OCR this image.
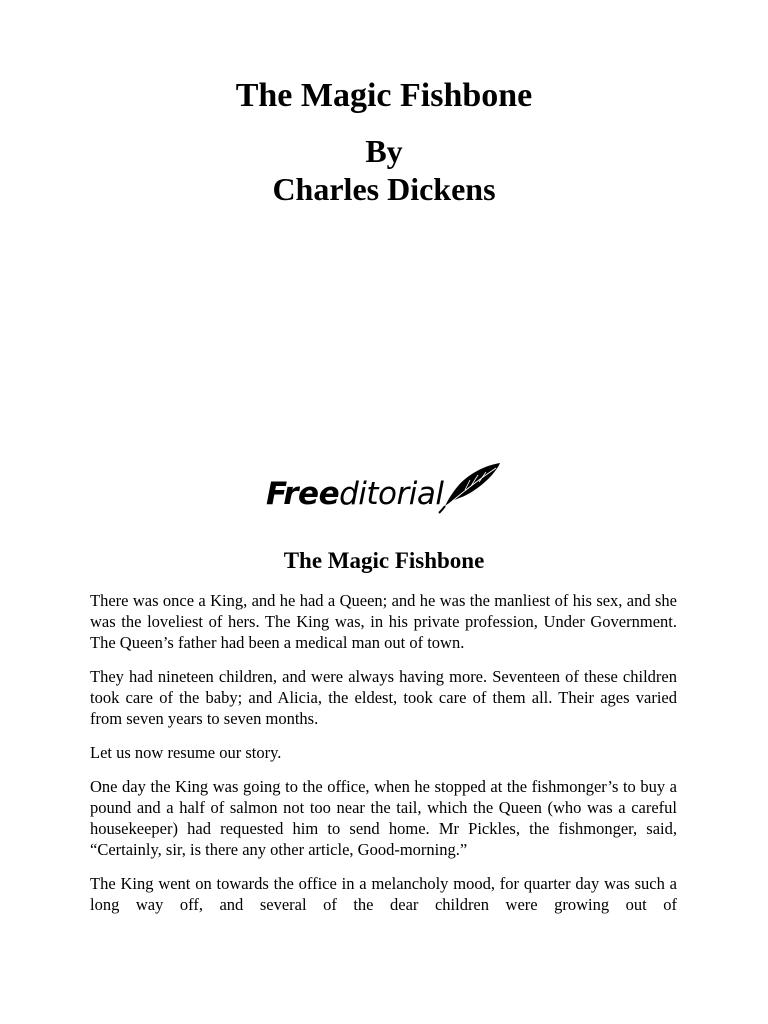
The Magic Fishbone
By
Charles Dickens
Freeditorial
The Magic Fishbone

There was once a King, and he had a Queen; and he was the manliest of his sex, and she was the loveliest of hers. The King was, in his private profession, Under Government. The Queen’s father had been a medical man out of town.

They had nineteen children, and were always having more. Seventeen of these children took care of the baby; and Alicia, the eldest, took care of them all. Their ages varied from seven years to seven months.

Let us now resume our story.

One day the King was going to the office, when he stopped at the fishmonger’s to buy a pound and a half of salmon not too near the tail, which the Queen (who was a careful housekeeper) had requested him to send home. Mr Pickles, the fishmonger, said, “Certainly, sir, is there any other article, Good-morning.”

The King went on towards the office in a melancholy mood, for quarter day was such a long way off, and several of the dear children were growing out of
